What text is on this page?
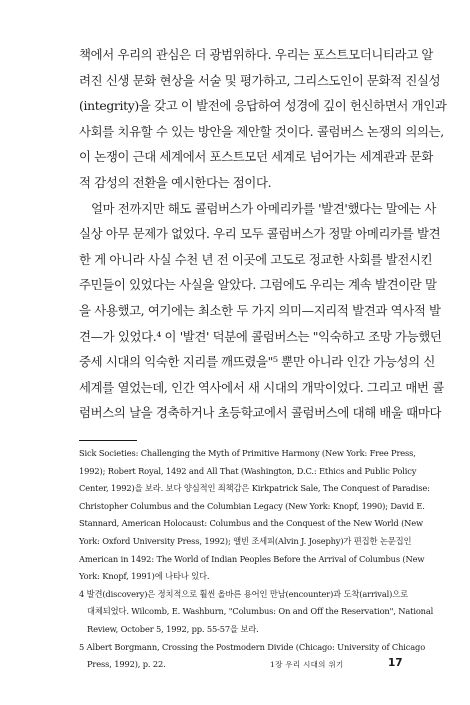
책에서 우리의 관심은 더 광범위하다. 우리는 포스트모더니티라고 알
려진 신생 문화 현상을 서술 및 평가하고, 그리스도인이 문화적 진실성
(integrity)을 갖고 이 발전에 응답하여 성경에 깊이 헌신하면서 개인과
사회를 치유할 수 있는 방안을 제안할 것이다. 콜럼버스 논쟁의 의의는,
이 논쟁이 근대 세계에서 포스트모던 세계로 넘어가는 세계관과 문화
적 감성의 전환을 예시한다는 점이다.
얼마 전까지만 해도 콜럼버스가 아메리카를 '발견'했다는 말에는 사
실상 아무 문제가 없었다. 우리 모두 콜럼버스가 정말 아메리카를 발견
한 게 아니라 사실 수천 년 전 이곳에 고도로 정교한 사회를 발전시킨
주민들이 있었다는 사실을 알았다. 그럼에도 우리는 계속 발견이란 말
을 사용했고, 여기에는 최소한 두 가지 의미—지리적 발견과 역사적 발
견—가 있었다.⁴ 이 '발견' 덕분에 콜럼버스는 "익숙하고 조망 가능했던
중세 시대의 익숙한 지리를 깨뜨렸을"⁵ 뿐만 아니라 인간 가능성의 신
세계를 열었는데, 인간 역사에서 새 시대의 개막이었다. 그리고 매번 콜
럼버스의 날을 경축하거나 초등학교에서 콜럼버스에 대해 배울 때마다
Sick Societies: Challenging the Myth of Primitive Harmony (New York: Free Press,
1992); Robert Royal, 1492 and All That (Washington, D.C.: Ethics and Public Policy
Center, 1992)을 보라. 보다 양심적인 죄책감은 Kirkpatrick Sale, The Conquest of Paradise:
Christopher Columbus and the Columbian Legacy (New York: Knopf, 1990); David E.
Stannard, American Holocaust: Columbus and the Conquest of the New World (New
York: Oxford University Press, 1992); 앨빈 조세피(Alvin J. Josephy)가 편집한 논문집인
American in 1492: The World of Indian Peoples Before the Arrival of Columbus (New
York: Knopf, 1991)에 나타나 있다.
4 발견(discovery)은 정치적으로 훨씬 올바른 용어인 만남(encounter)과 도착(arrival)으로
대체되었다. Wilcomb, E. Washburn, "Columbus: On and Off the Reservation", National
Review, October 5, 1992, pp. 55-57을 보라.
5 Albert Borgmann, Crossing the Postmodern Divide (Chicago: University of Chicago
Press, 1992), p. 22.	1장 우리 시대의 위기	17
